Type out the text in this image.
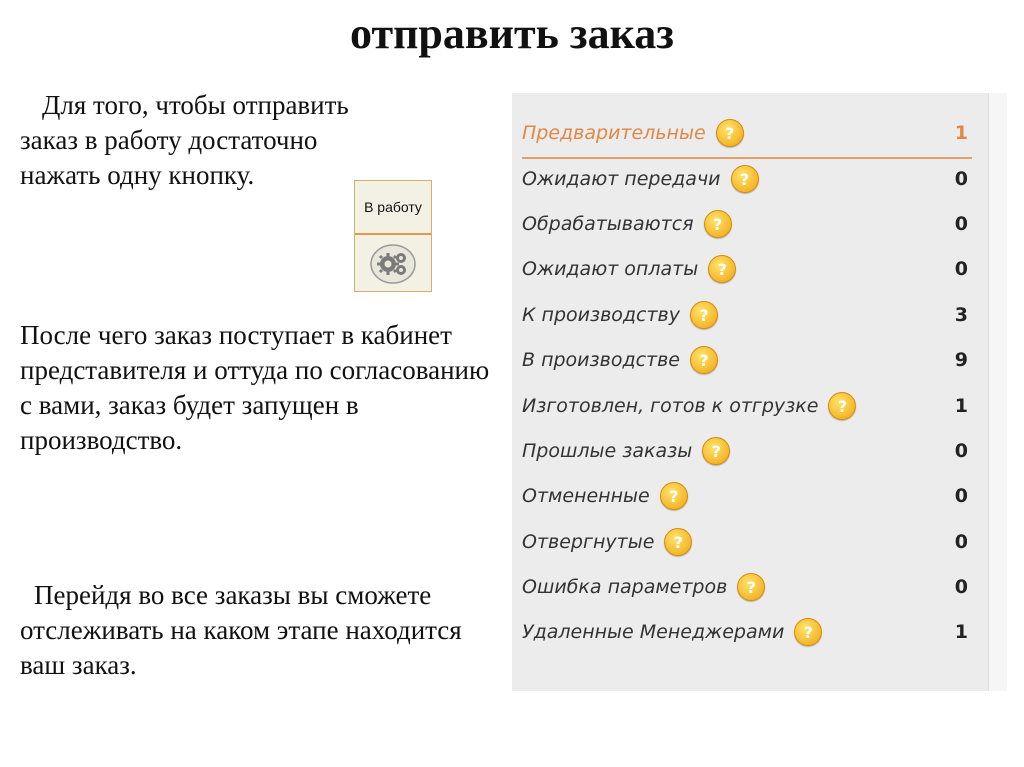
отправить заказ
Для того, чтобы отправить заказ в работу достаточно нажать одну кнопку.
В работу
После чего заказ поступает в кабинет представителя и оттуда по согласованию с вами, заказ будет запущен в производство.
Перейдя во все заказы вы сможете отслеживать на каком этапе находится ваш заказ.
Предварительные	?	1
Ожидают передачи	?	0
Обрабатываются	?	0
Ожидают оплаты	?	0
К производству	?	3
В производстве	?	9
Изготовлен, готов к отгрузке	?	1
Прошлые заказы	?	0
Отмененные	?	0
Отвергнутые	?	0
Ошибка параметров	?	0
Удаленные Менеджерами	?	1
